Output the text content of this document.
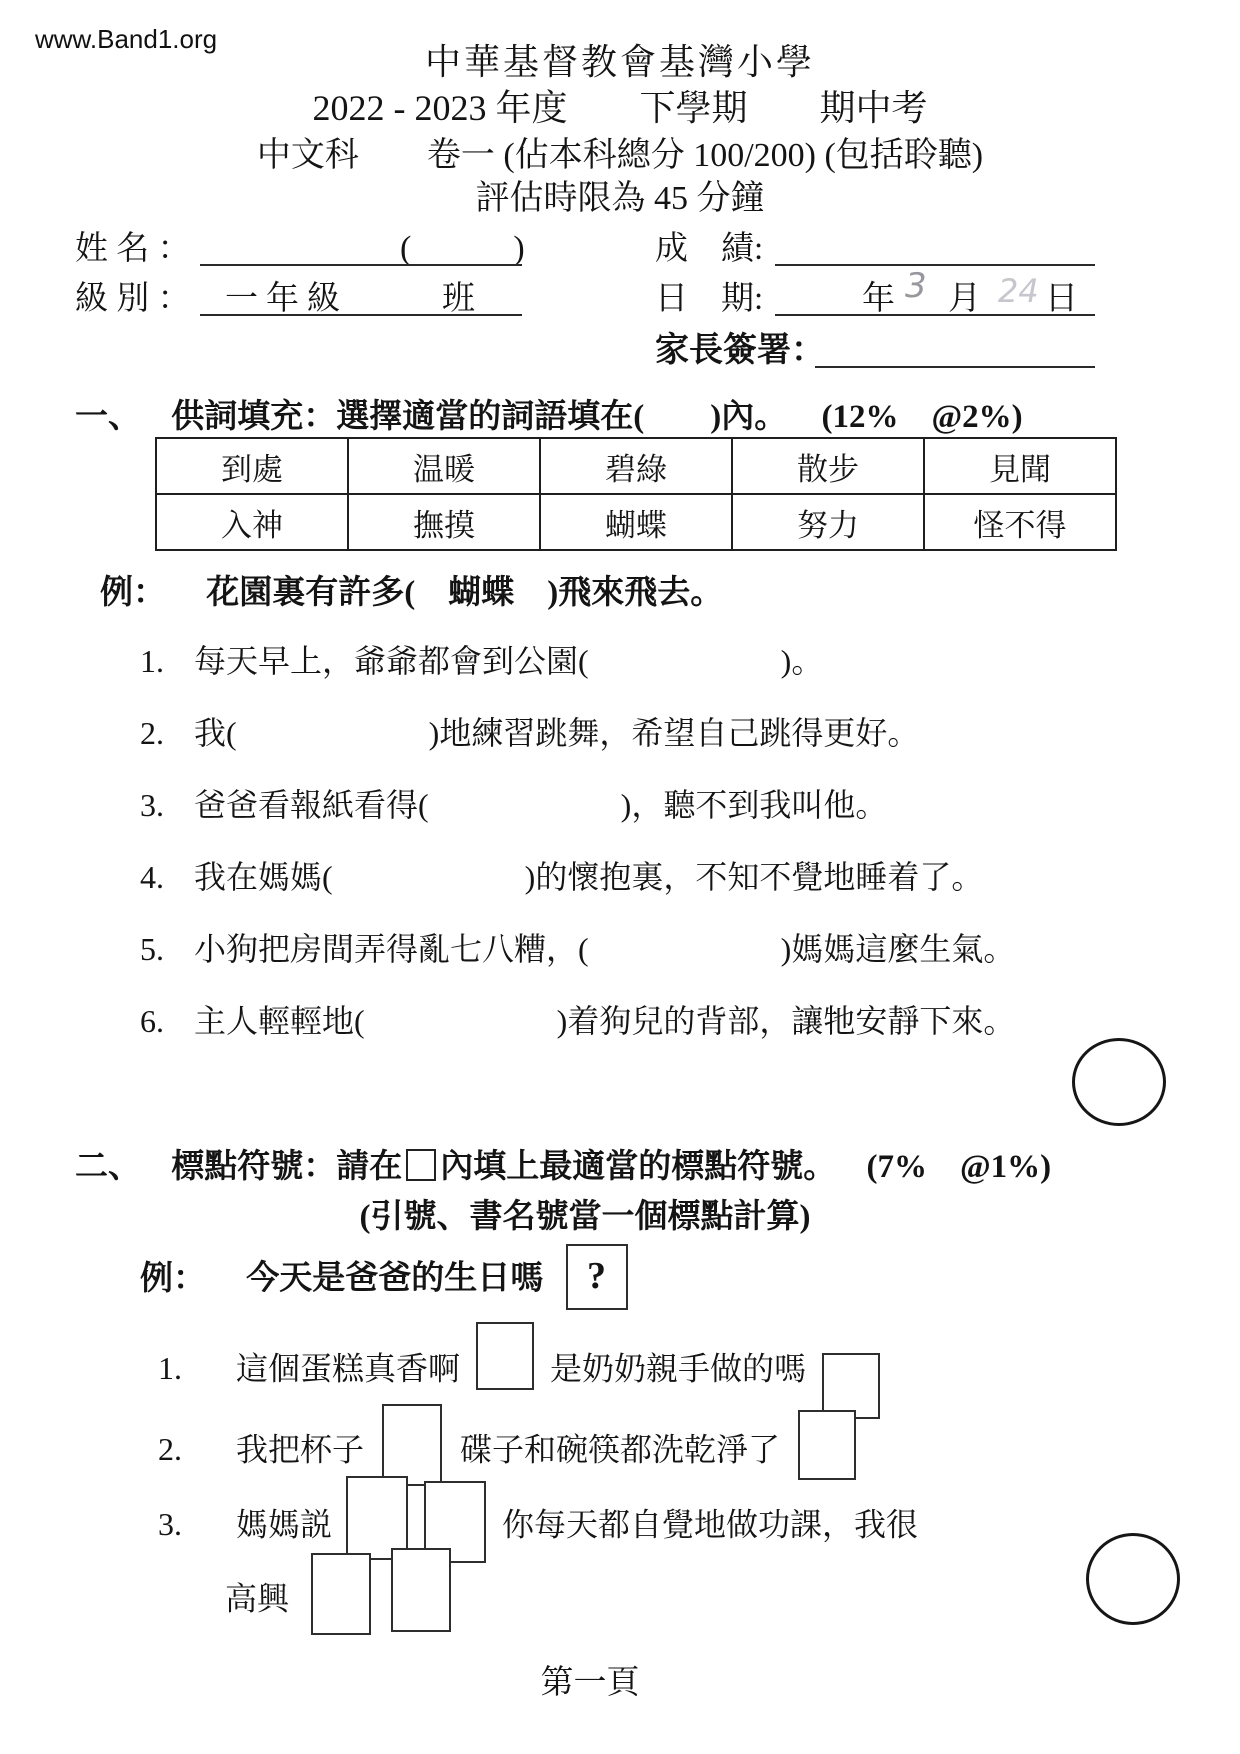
www.Band1.org
中華基督教會基灣小學
2022 - 2023 年度　　下學期　　期中考
中文科　　卷一 (佔本科總分 100/200) (包括聆聽)
評估時限為 45 分鐘
姓 名 ：	(　　　)	成　績:
級 別 ： 一年級	班	日　期:	年 3 月 24 日
家長簽署：
一、 供詞填充：選擇適當的詞語填在(　　)內。 (12%　@2%)
到處	温暖	碧綠	散步	見聞
入神	撫摸	蝴蝶	努力	怪不得
例： 花園裏有許多(　蝴蝶　)飛來飛去。
1. 每天早上，爺爺都會到公園(　　　　　　)。
2. 我(　　　　　　)地練習跳舞，希望自己跳得更好。
3. 爸爸看報紙看得(　　　　　　)，聽不到我叫他。
4. 我在媽媽(　　　　　　)的懷抱裏，不知不覺地睡着了。
5. 小狗把房間弄得亂七八糟，(　　　　　　)媽媽這麼生氣。
6. 主人輕輕地(　　　　　　)着狗兒的背部，讓牠安靜下來。
二、 標點符號：請在 內填上最適當的標點符號。 (7%　@1%)
(引號、書名號當一個標點計算)
例： 今天是爸爸的生日嗎 ?
1. 這個蛋糕真香啊	是奶奶親手做的嗎
2. 我把杯子	碟子和碗筷都洗乾淨了
3. 媽媽説	你每天都自覺地做功課，我很
高興
第一頁
